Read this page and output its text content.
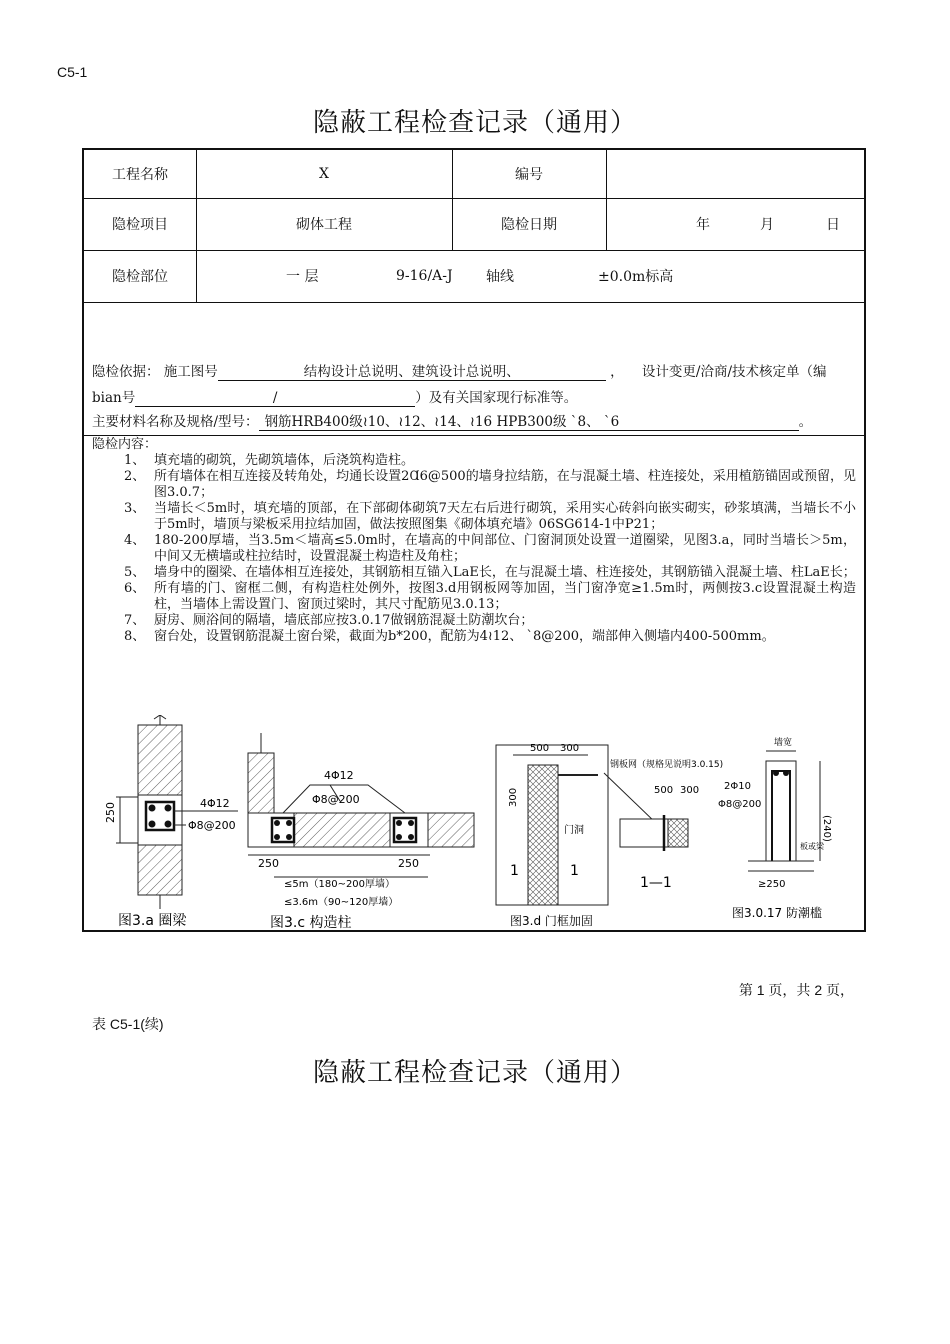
C5-1
隐蔽工程检查记录（通用）
工程名称	X	编号
隐检项目	砌体工程	隐检日期	年	月	日
隐检部位	一 层	9-16/A-J 轴线	±0.0m标高
隐检依据： 施工图号	结构设计总说明、建筑设计总说明、	， 设计变更/洽商/技术核定单（编
bian号	/	）及有关国家现行标准等。
主要材料名称及规格/型号： 钢筋HRB400级≀10、≀12、≀14、≀16 HPB300级 `8、 `6	。
隐检内容：
1、 填充墙的砌筑，先砌筑墙体，后浇筑构造柱。
2、 所有墙体在相互连接及转角处，均通长设置2Ɑ6@500的墙身拉结筋，在与混凝土墙、柱连接处，采用植筋锚固或预留，见图3.0.7；
3、 当墙长＜5m时，填充墙的顶部，在下部砌体砌筑7天左右后进行砌筑，采用实心砖斜向嵌实砌实，砂浆填满，当墙长不小于5m时，墙顶与梁板采用拉结加固，做法按照图集《砌体填充墙》06SG614-1中P21；
4、 180-200厚墙，当3.5m＜墙高≤5.0m时，在墙高的中间部位、门窗洞顶处设置一道圈梁，见图3.a，同时当墙长＞5m，中间又无横墙或柱拉结时，设置混凝土构造柱及角柱；
5、 墙身中的圈梁、在墙体相互连接处，其钢筋相互锚入LaE长，在与混凝土墙、柱连接处，其钢筋锚入混凝土墙、柱LaE长；
6、 所有墙的门、窗框二侧，有构造柱处例外，按图3.d用钢板网等加固，当门窗净宽≥1.5m时，两侧按3.c设置混凝土构造柱，当墙体上需设置门、窗顶过梁时，其尺寸配筋见3.0.13；
7、 厨房、厕浴间的隔墙，墙底部应按3.0.17做钢筋混凝土防潮坎台；
8、 窗台处，设置钢筋混凝土窗台梁，截面为b*200，配筋为4≀12、 `8@200，端部伸入侧墙内400-500mm。
250	4Φ12
Φ8@200
图3.a 圈梁
4Φ12
Φ8@200
250	250
≤5m（180~200厚墙）
≤3.6m（90~120厚墙）
图3.c 构造柱
500 300
300
门洞
1	1
钢板网（规格见说明3.0.15)
500 300
1—1
图3.d 门框加固
墙宽
2Φ10
Φ8@200
(240)
板或梁
≥250
图3.0.17 防潮槛
第 1 页，共 2 页，
表 C5-1(续)
隐蔽工程检查记录（通用）
